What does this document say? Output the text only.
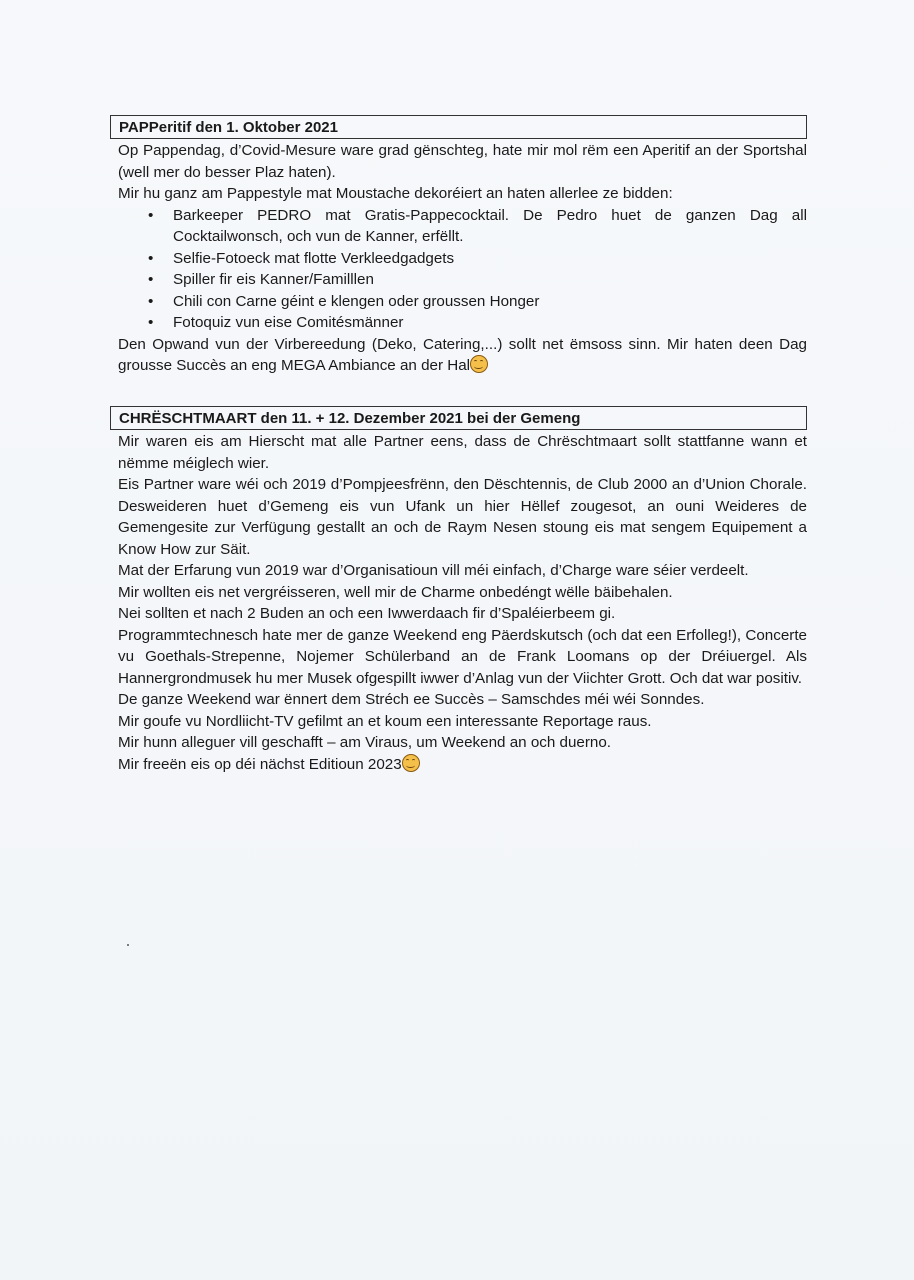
PAPPeritif den 1. Oktober 2021

Op Pappendag, d’Covid-Mesure ware grad gënschteg, hate mir mol rëm een Aperitif an der Sportshal (well mer do besser Plaz haten).

Mir hu ganz am Pappestyle mat Moustache dekoréiert an haten allerlee ze bidden:

• Barkeeper PEDRO mat Gratis-Pappecocktail. De Pedro huet de ganzen Dag all Cocktailwonsch, och vun de Kanner, erfëllt.
• Selfie-Fotoeck mat flotte Verkleedgadgets
• Spiller fir eis Kanner/Familllen
• Chili con Carne géint e klengen oder groussen Honger
• Fotoquiz vun eise Comitésmänner

Den Opwand vun der Virbereedung (Deko, Catering,...) sollt net ëmsoss sinn. Mir haten deen Dag grousse Succès an eng MEGA Ambiance an der Hal

CHRËSCHTMAART den 11. + 12. Dezember 2021 bei der Gemeng

Mir waren eis am Hierscht mat alle Partner eens, dass de Chrëschtmaart sollt stattfanne wann et nëmme méiglech wier.

Eis Partner ware wéi och 2019 d’Pompjeesfrënn, den Dëschtennis, de Club 2000 an d’Union Chorale. Desweideren huet d’Gemeng eis vun Ufank un hier Hëllef zougesot, an ouni Weideres de Gemengesite zur Verfügung gestallt an och de Raym Nesen stoung eis mat sengem Equipement a Know How zur Säit.

Mat der Erfarung vun 2019 war d’Organisatioun vill méi einfach, d’Charge ware séier verdeelt.

Mir wollten eis net vergréisseren, well mir de Charme onbedéngt wëlle bäibehalen.

Nei sollten et nach 2 Buden an och een Iwwerdaach fir d’Spaléierbeem gi.

Programmtechnesch hate mer de ganze Weekend eng Päerdskutsch (och dat een Erfolleg!), Concerte vu Goethals-Strepenne, Nojemer Schülerband an de Frank Loomans op der Dréiuergel. Als Hannergrondmusek hu mer Musek ofgespillt iwwer d’Anlag vun der Viichter Grott. Och dat war positiv.

De ganze Weekend war ënnert dem Stréch ee Succès – Samschdes méi wéi Sonndes.

Mir goufe vu Nordliicht-TV gefilmt an et koum een interessante Reportage raus.

Mir hunn alleguer vill geschafft – am Viraus, um Weekend an och duerno.

Mir freeën eis op déi nächst Editioun 2023
